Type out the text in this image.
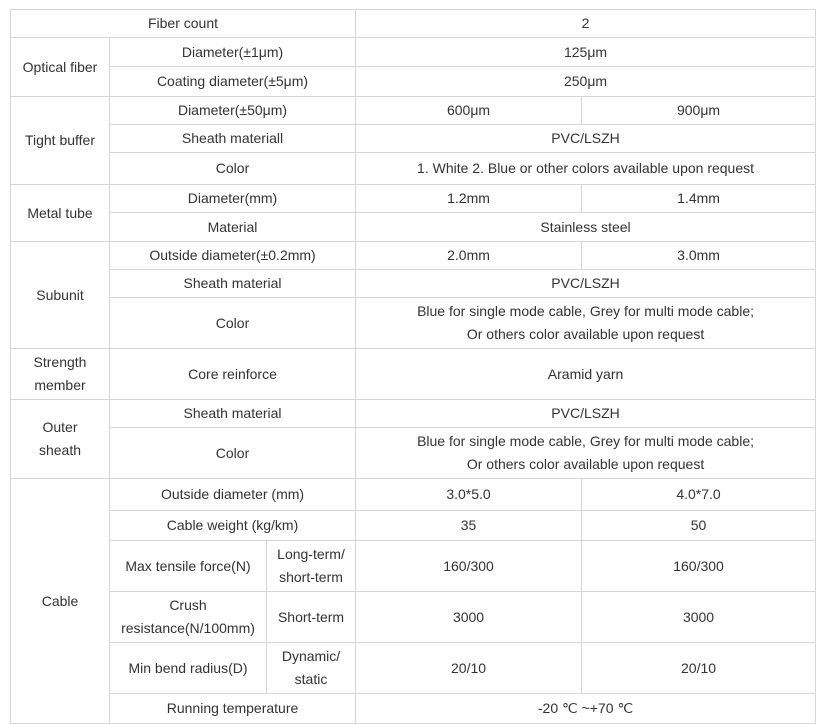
Fiber count			2	
Optical fiber	Diameter(±1μm)		125μm	
	Coating diameter(±5μm)		250μm	
Tight buffer	Diameter(±50μm)		600μm	900μm
	Sheath materiall		PVC/LSZH	
	Color		1. White 2. Blue or other colors available upon request	
Metal tube	Diameter(mm)		1.2mm	1.4mm
	Material		Stainless steel	
Subunit	Outside diameter(±0.2mm)		2.0mm	3.0mm
	Sheath material		PVC/LSZH	
	Color		Blue for single mode cable, Grey for multi mode cable;
Or others color available upon request	

Strength
member	Core reinforce		Aramid yarn	

Outer
sheath	Sheath material		PVC/LSZH	
	Color		Blue for single mode cable, Grey for multi mode cable;
Or others color available upon request	

Cable	Outside diameter (mm)		3.0*5.0	4.0*7.0
	Cable weight (kg/km)		35	50
	Max tensile force(N)	Long-term/
short-term	160/300	160/300

	Crush
resistance(N/100mm)	Short-term	3000	3000
	Min bend radius(D)	Dynamic/
static	20/10	20/10
	Running temperature		-20 ℃ ~+70 ℃	
